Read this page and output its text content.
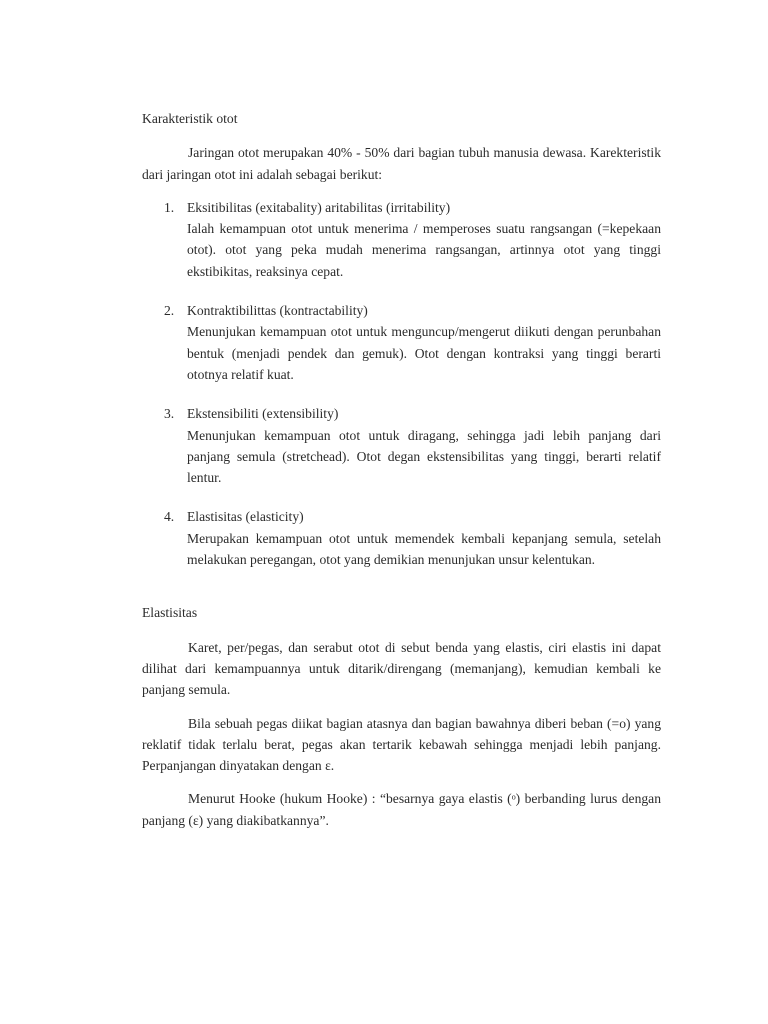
Karakteristik otot

Jaringan otot merupakan 40% - 50% dari bagian tubuh manusia dewasa. Karekteristik dari jaringan otot ini adalah sebagai berikut:

1. Eksitibilitas (exitabality) aritabilitas (irritability)
Ialah kemampuan otot untuk menerima / memperoses suatu rangsangan (=kepekaan otot). otot yang peka mudah menerima rangsangan, artinnya otot yang tinggi ekstibikitas, reaksinya cepat.
2. Kontraktibilittas (kontractability)
Menunjukan kemampuan otot untuk menguncup/mengerut diikuti dengan perunbahan bentuk (menjadi pendek dan gemuk). Otot dengan kontraksi yang tinggi berarti ototnya relatif kuat.
3. Ekstensibiliti (extensibility)
Menunjukan kemampuan otot untuk diragang, sehingga jadi lebih panjang dari panjang semula (stretchead). Otot degan ekstensibilitas yang tinggi, berarti relatif lentur.
4. Elastisitas (elasticity)
Merupakan kemampuan otot untuk memendek kembali kepanjang semula, setelah melakukan peregangan, otot yang demikian menunjukan unsur kelentukan.

Elastisitas

Karet, per/pegas, dan serabut otot di sebut benda yang elastis, ciri elastis ini dapat dilihat dari kemampuannya untuk ditarik/direngang (memanjang), kemudian kembali ke panjang semula.

Bila sebuah pegas diikat bagian atasnya dan bagian bawahnya diberi beban (=o) yang reklatif tidak terlalu berat, pegas akan tertarik kebawah sehingga menjadi lebih panjang. Perpanjangan dinyatakan dengan ε.

Menurut Hooke (hukum Hooke) : “besarnya gaya elastis (ᵒ) berbanding lurus dengan panjang (ε) yang diakibatkannya”.
